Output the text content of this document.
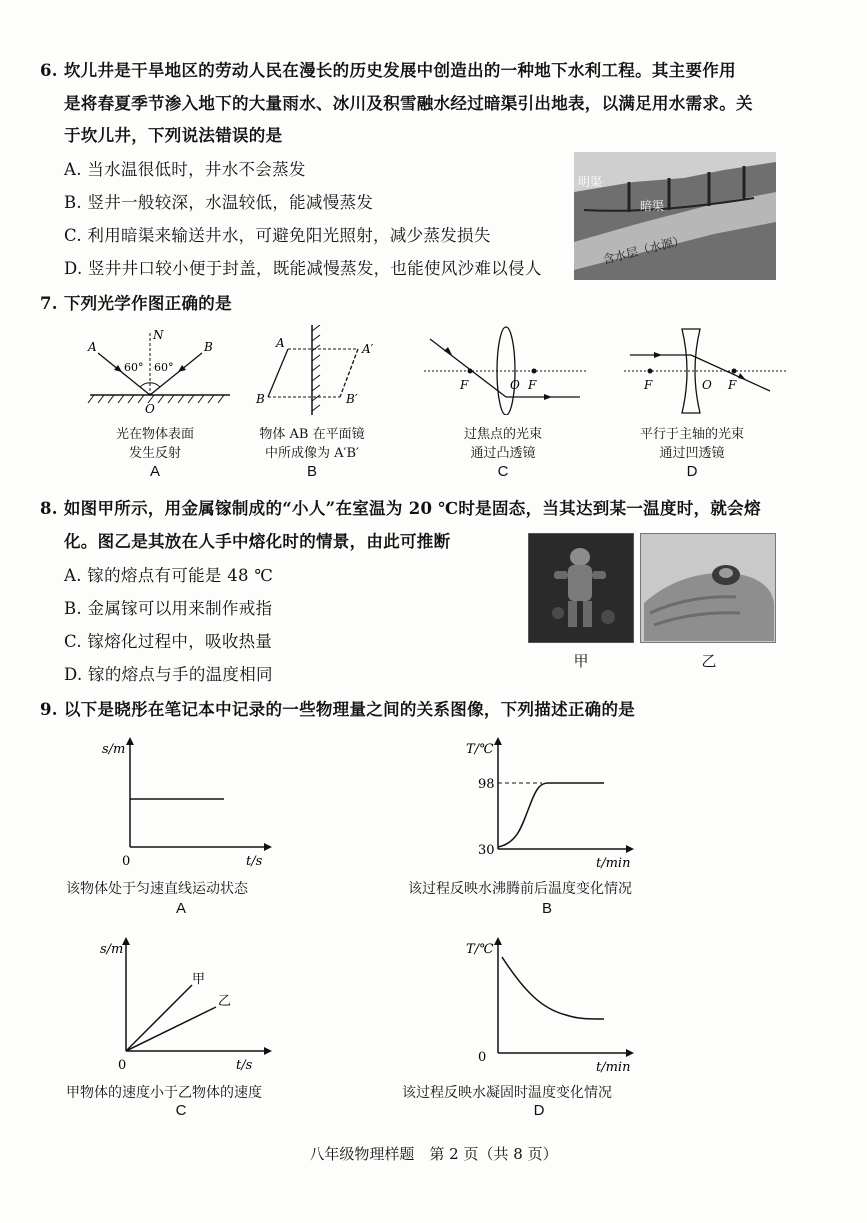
6. 坎儿井是干旱地区的劳动人民在漫长的历史发展中创造出的一种地下水利工程。其主要作用
是将春夏季节渗入地下的大量雨水、冰川及积雪融水经过暗渠引出地表，以满足用水需求。关
于坎儿井，下列说法错误的是
A. 当水温很低时，井水不会蒸发
B. 竖井一般较深，水温较低，能减慢蒸发
C. 利用暗渠来输送井水，可避免阳光照射，减少蒸发损失
D. 竖井井口较小便于封盖，既能减慢蒸发，也能使风沙难以侵人
明渠
暗渠
含水层（水源）
7. 下列光学作图正确的是
N
A	B
O
60° 60°
光在物体表面
发生反射
A
A
B
A′
B′
物体 AB 在平面镜
中所成像为 A′B′
B
F	O F
过焦点的光束
通过凸透镜
C
F	O F
平行于主轴的光束
通过凹透镜
D
8. 如图甲所示，用金属镓制成的“小人”在室温为 20 ℃时是固态，当其达到某一温度时，就会熔
化。图乙是其放在人手中熔化时的情景，由此可推断
A. 镓的熔点有可能是 48 ℃
B. 金属镓可以用来制作戒指
C. 镓熔化过程中，吸收热量
D. 镓的熔点与手的温度相同
甲	乙
9. 以下是晓彤在笔记本中记录的一些物理量之间的关系图像，下列描述正确的是
s/m
t/s
0
该物体处于匀速直线运动状态
A
T/℃
98
30
t/min
该过程反映水沸腾前后温度变化情况
B
s/m
甲
乙
t/s
0
甲物体的速度小于乙物体的速度
C
T/℃
0
t/min
该过程反映水凝固时温度变化情况
D
八年级物理样题　第 2 页（共 8 页）
